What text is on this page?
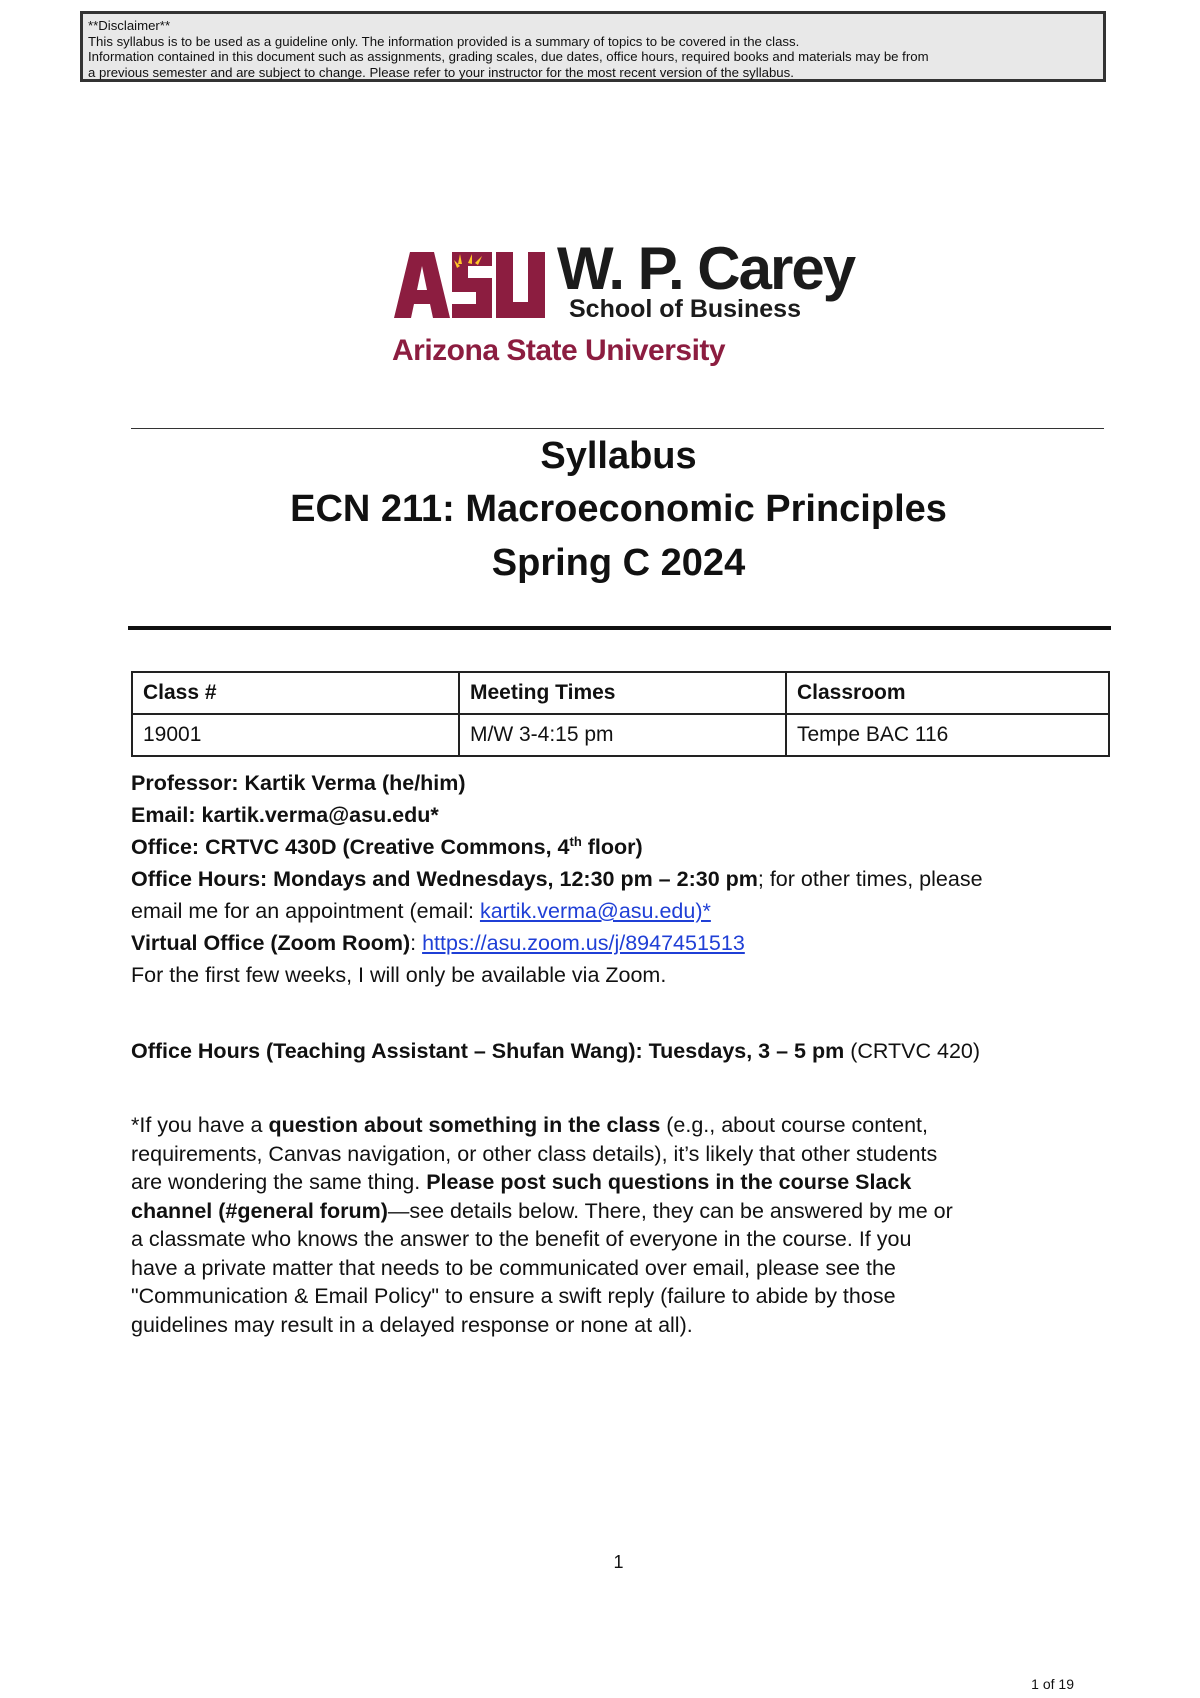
**Disclaimer**
This syllabus is to be used as a guideline only. The information provided is a summary of topics to be covered in the class.
Information contained in this document such as assignments, grading scales, due dates, office hours, required books and materials may be from
a previous semester and are subject to change. Please refer to your instructor for the most recent version of the syllabus.
W. P. Carey
School of Business
Arizona State University
Syllabus
ECN 211: Macroeconomic Principles
Spring C 2024
Class #	Meeting Times	Classroom
19001	M/W 3-4:15 pm	Tempe BAC 116

Professor: Kartik Verma (he/him)

Email: kartik.verma@asu.edu*

Office: CRTVC 430D (Creative Commons, 4th floor)

Office Hours: Mondays and Wednesdays, 12:30 pm – 2:30 pm; for other times, please

email me for an appointment (email: kartik.verma@asu.edu)*

Virtual Office (Zoom Room): https://asu.zoom.us/j/8947451513

For the first few weeks, I will only be available via Zoom.

Office Hours (Teaching Assistant – Shufan Wang): Tuesdays, 3 – 5 pm (CRTVC 420)

*If you have a question about something in the class (e.g., about course content,

requirements, Canvas navigation, or other class details), it’s likely that other students

are wondering the same thing. Please post such questions in the course Slack

channel (#general forum)—see details below. There, they can be answered by me or

a classmate who knows the answer to the benefit of everyone in the course. If you

have a private matter that needs to be communicated over email, please see the

"Communication & Email Policy" to ensure a swift reply (failure to abide by those

guidelines may result in a delayed response or none at all).

1
1 of 19
